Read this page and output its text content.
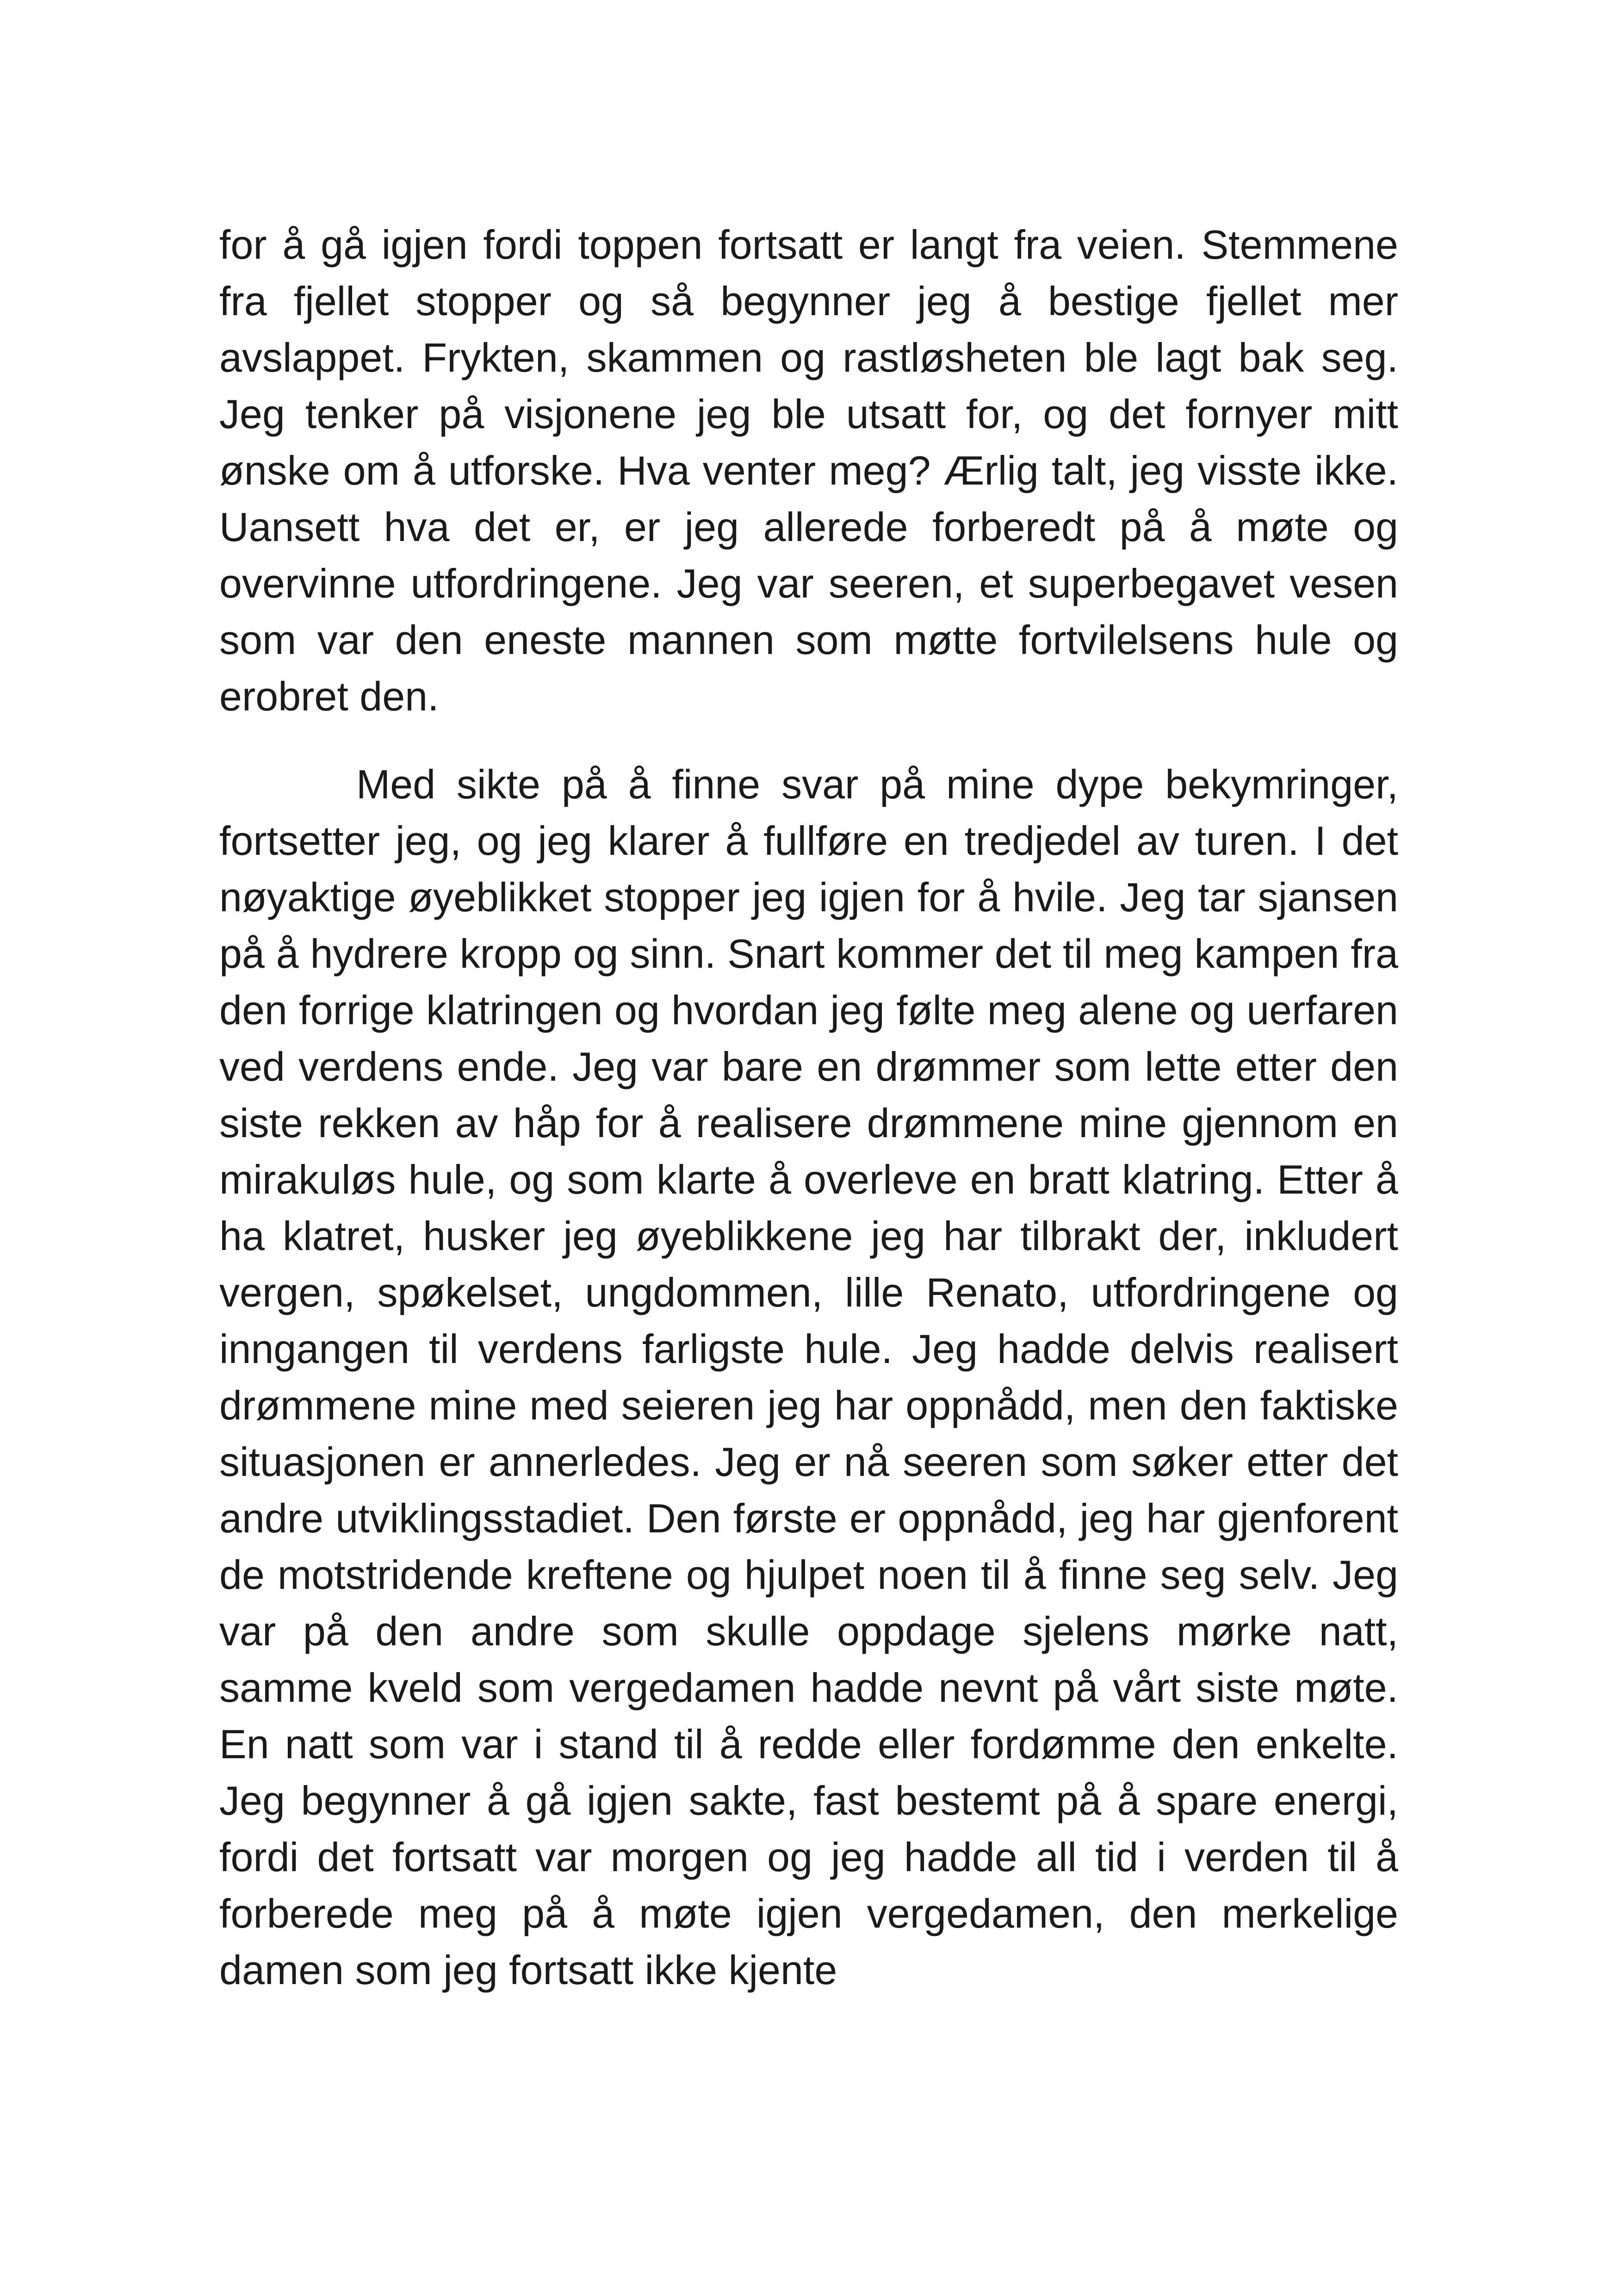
for å gå igjen fordi toppen fortsatt er langt fra veien. Stemmene fra fjellet stopper og så begynner jeg å bestige fjellet mer avslappet. Frykten, skammen og rastløsheten ble lagt bak seg. Jeg tenker på visjonene jeg ble utsatt for, og det fornyer mitt ønske om å utforske. Hva venter meg? Ærlig talt, jeg visste ikke. Uansett hva det er, er jeg allerede forberedt på å møte og overvinne utfordringene. Jeg var seeren, et superbegavet vesen som var den eneste mannen som møtte fortvilelsens hule og erobret den.

Med sikte på å finne svar på mine dype bekymringer, fortsetter jeg, og jeg klarer å fullføre en tredjedel av turen. I det nøyaktige øyeblikket stopper jeg igjen for å hvile. Jeg tar sjansen på å hydrere kropp og sinn. Snart kommer det til meg kampen fra den forrige klatringen og hvordan jeg følte meg alene og uerfaren ved verdens ende. Jeg var bare en drømmer som lette etter den siste rekken av håp for å realisere drømmene mine gjennom en mirakuløs hule, og som klarte å overleve en bratt klatring. Etter å ha klatret, husker jeg øyeblikkene jeg har tilbrakt der, inkludert vergen, spøkelset, ungdommen, lille Renato, utfordringene og inngangen til verdens farligste hule. Jeg hadde delvis realisert drømmene mine med seieren jeg har oppnådd, men den faktiske situasjonen er annerledes. Jeg er nå seeren som søker etter det andre utviklingsstadiet. Den første er oppnådd, jeg har gjenforent de motstridende kreftene og hjulpet noen til å finne seg selv. Jeg var på den andre som skulle oppdage sjelens mørke natt, samme kveld som vergedamen hadde nevnt på vårt siste møte. En natt som var i stand til å redde eller fordømme den enkelte. Jeg begynner å gå igjen sakte, fast bestemt på å spare energi, fordi det fortsatt var morgen og jeg hadde all tid i verden til å forberede meg på å møte igjen vergedamen, den merkelige damen som jeg fortsatt ikke kjente
